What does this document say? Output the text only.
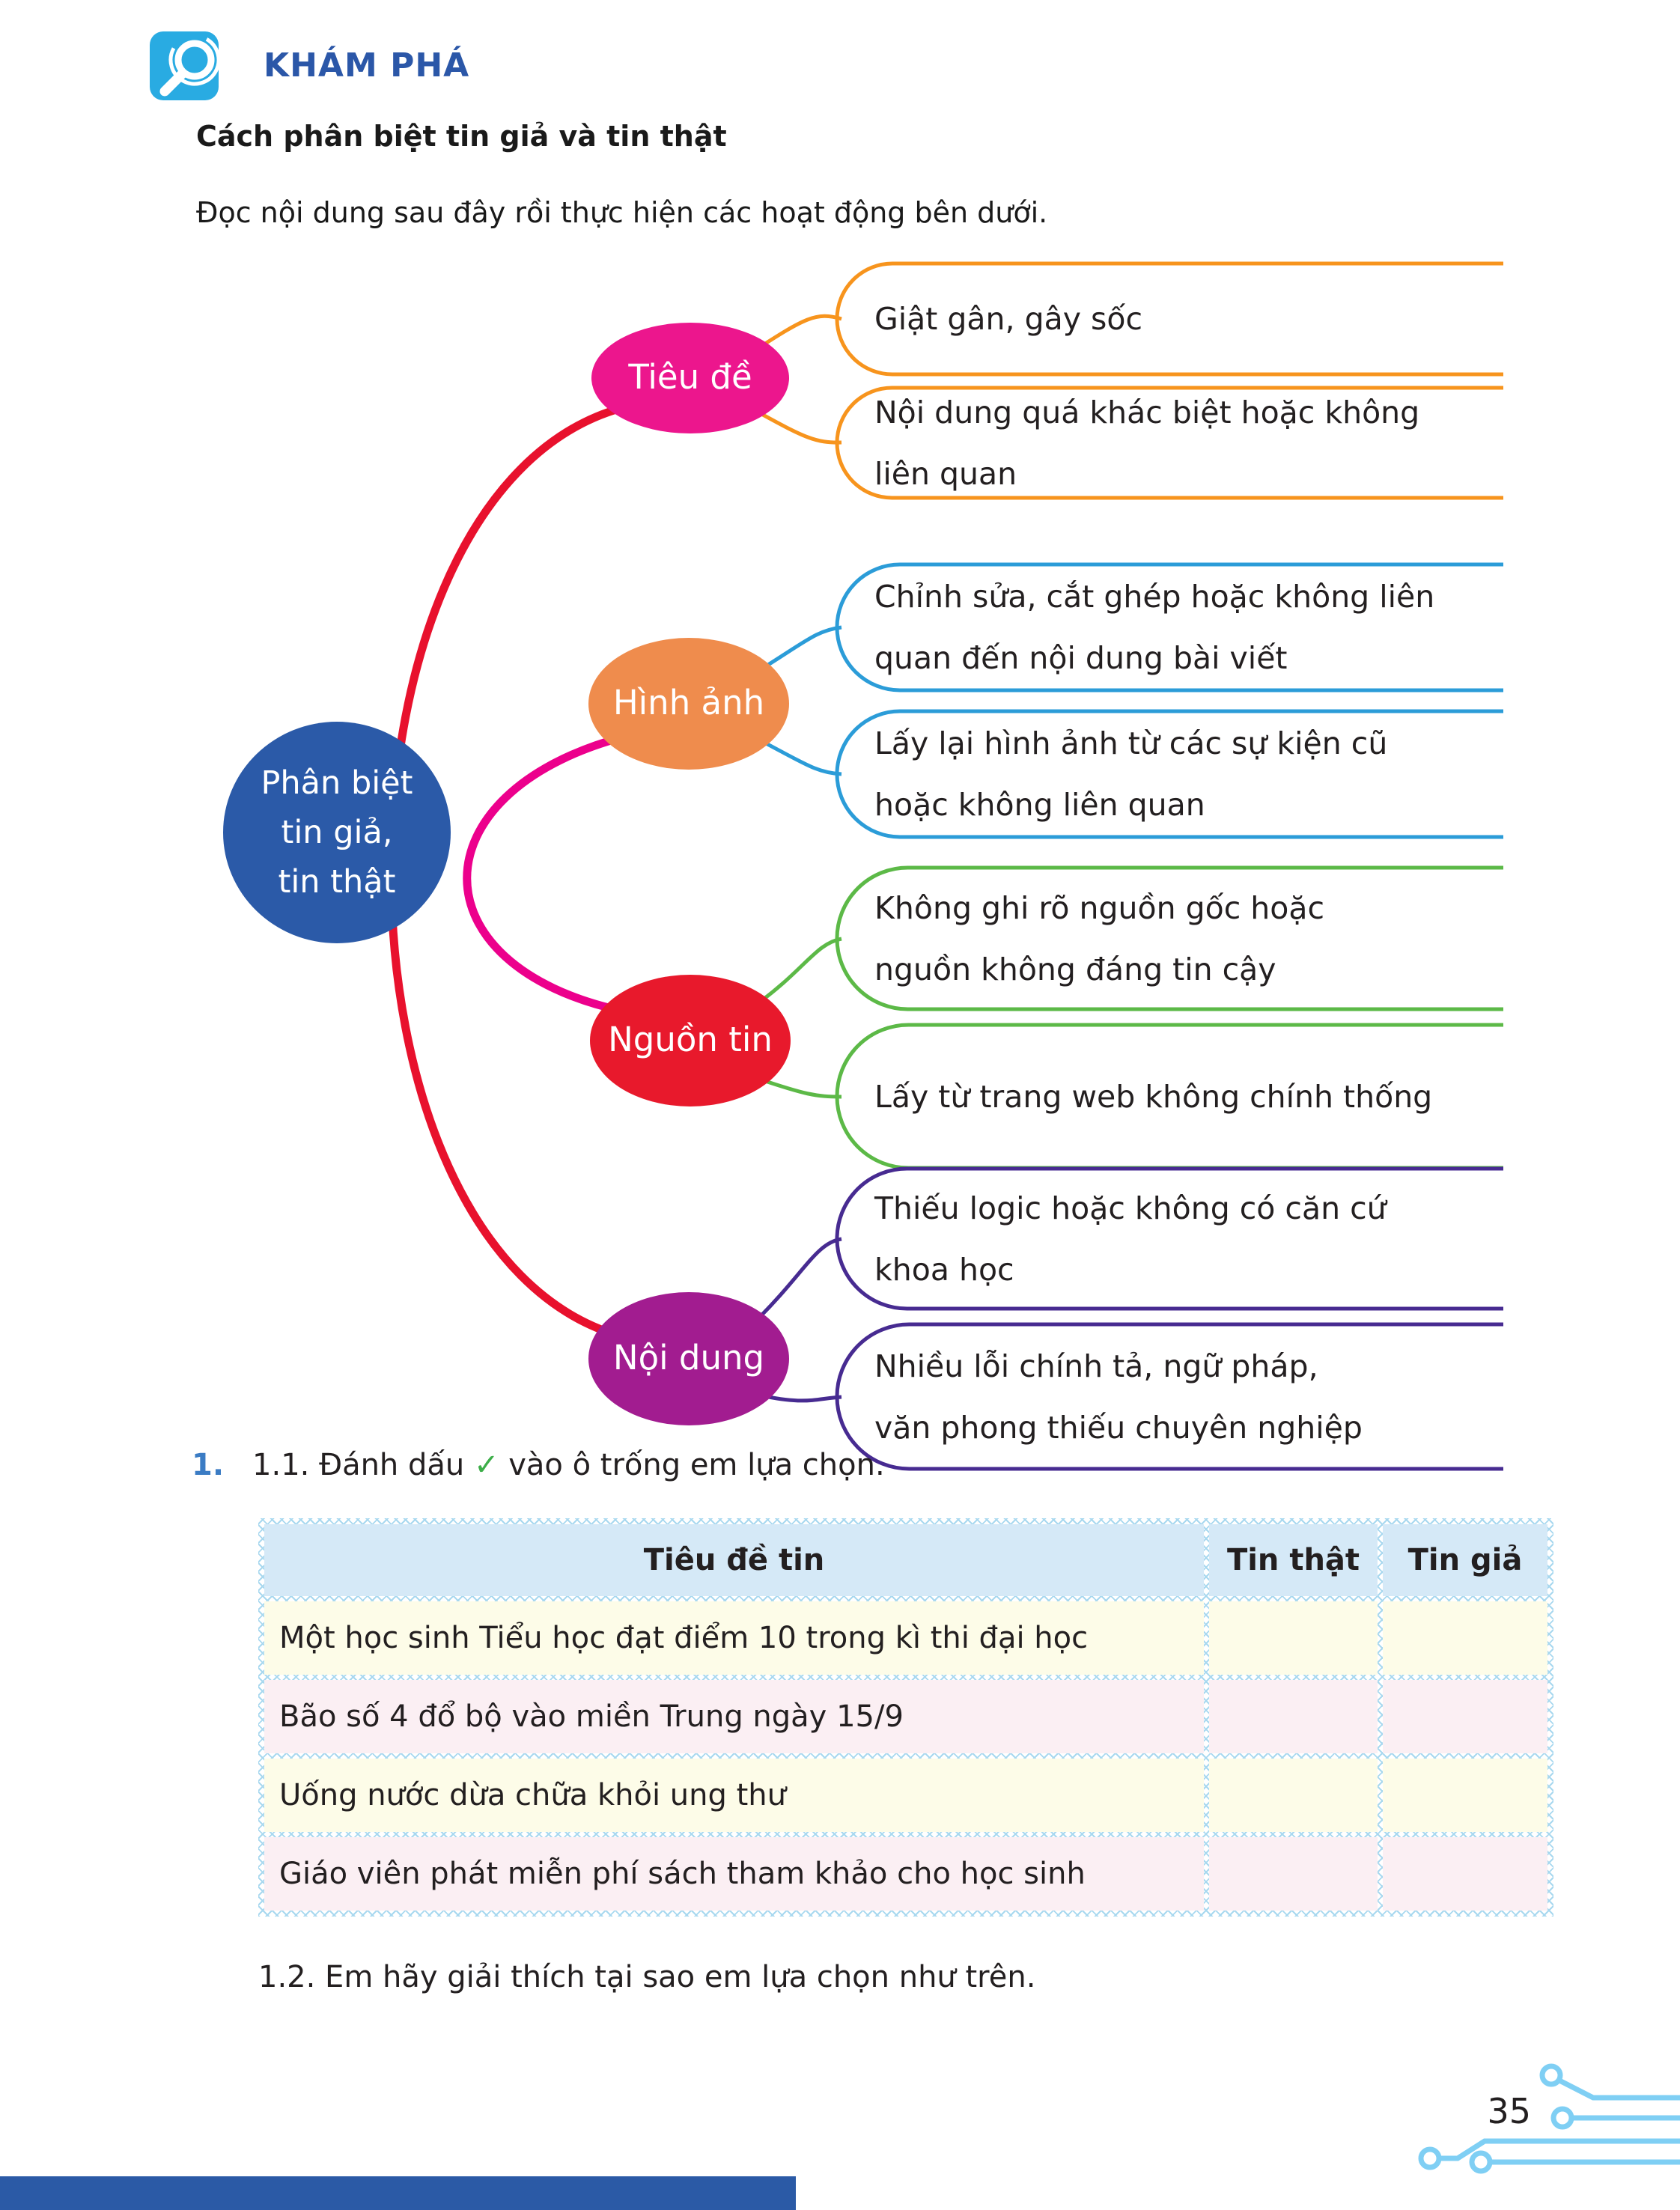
KHÁM PHÁ
Cách phân biệt tin giả và tin thật
Đọc nội dung sau đây rồi thực hiện các hoạt động bên dưới.
Phân biệt
tin giả,
tin thật
Tiêu đề
Hình ảnh
Nguồn tin
Nội dung
Giật gân, gây sốc
Nội dung quá khác biệt hoặc không
liên quan
Chỉnh sửa, cắt ghép hoặc không liên
quan đến nội dung bài viết
Lấy lại hình ảnh từ các sự kiện cũ
hoặc không liên quan
Không ghi rõ nguồn gốc hoặc
nguồn không đáng tin cậy
Lấy từ trang web không chính thống
Thiếu logic hoặc không có căn cứ
khoa học
Nhiều lỗi chính tả, ngữ pháp,
văn phong thiếu chuyên nghiệp
1. 1.1. Đánh dấu ✓ vào ô trống em lựa chọn.
Tiêu đề tin	Tin thật	Tin giả
Một học sinh Tiểu học đạt điểm 10 trong kì thi đại học
Bão số 4 đổ bộ vào miền Trung ngày 15/9
Uống nước dừa chữa khỏi ung thư
Giáo viên phát miễn phí sách tham khảo cho học sinh
1.2. Em hãy giải thích tại sao em lựa chọn như trên.
35
